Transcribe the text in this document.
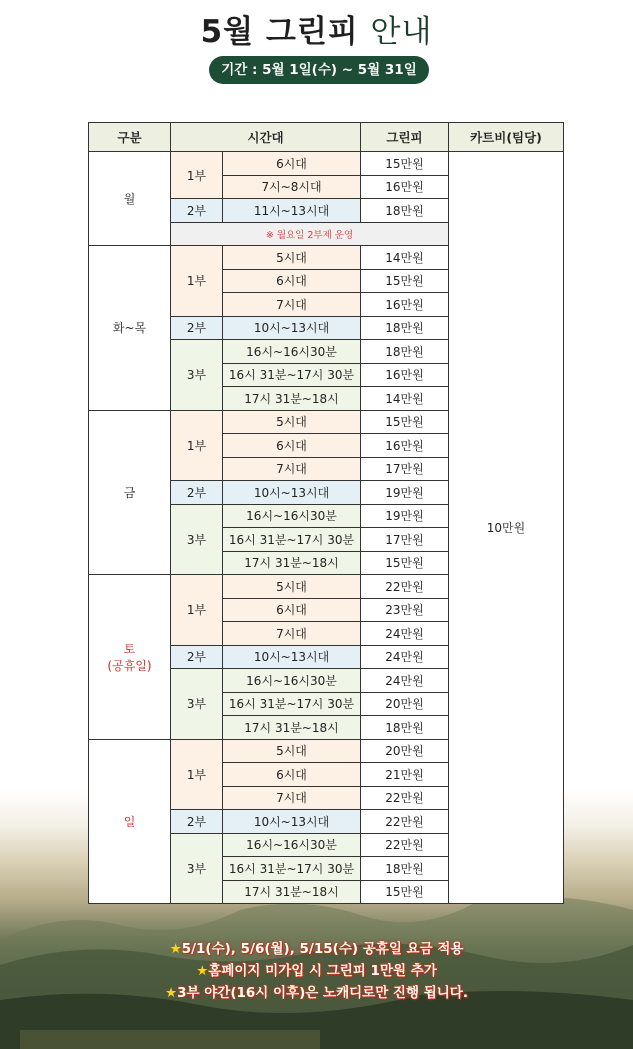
5월 그린피 안내
기간 : 5월 1일(수) ~ 5월 31일(금)
구분	시간대		그린피	카트비(팀당)
월	1부	6시대	15만원	10만원
		7시~8시대	16만원	
	2부	11시~13시대	18만원	
	※ 월요일 2부제 운영			
화~목	1부	5시대	14만원	
		6시대	15만원	
		7시대	16만원	
	2부	10시~13시대	18만원	
	3부	16시~16시30분	18만원	
		16시 31분~17시 30분	16만원	
		17시 31분~18시	14만원	
금	1부	5시대	15만원	
		6시대	16만원	
		7시대	17만원	
	2부	10시~13시대	19만원	
	3부	16시~16시30분	19만원	
		16시 31분~17시 30분	17만원	
		17시 31분~18시	15만원	

토
(공휴일)	1부	5시대	22만원	
		6시대	23만원	
		7시대	24만원	
	2부	10시~13시대	24만원	
	3부	16시~16시30분	24만원	
		16시 31분~17시 30분	20만원	
		17시 31분~18시	18만원	
일	1부	5시대	20만원	
		6시대	21만원	
		7시대	22만원	
	2부	10시~13시대	22만원	
	3부	16시~16시30분	22만원	
		16시 31분~17시 30분	18만원	
		17시 31분~18시	15만원	
★5/1(수), 5/6(월), 5/15(수) 공휴일 요금 적용
★홈페이지 미가입 시 그린피 1만원 추가
★3부 야간(16시 이후)은 노캐디로만 진행 됩니다.
